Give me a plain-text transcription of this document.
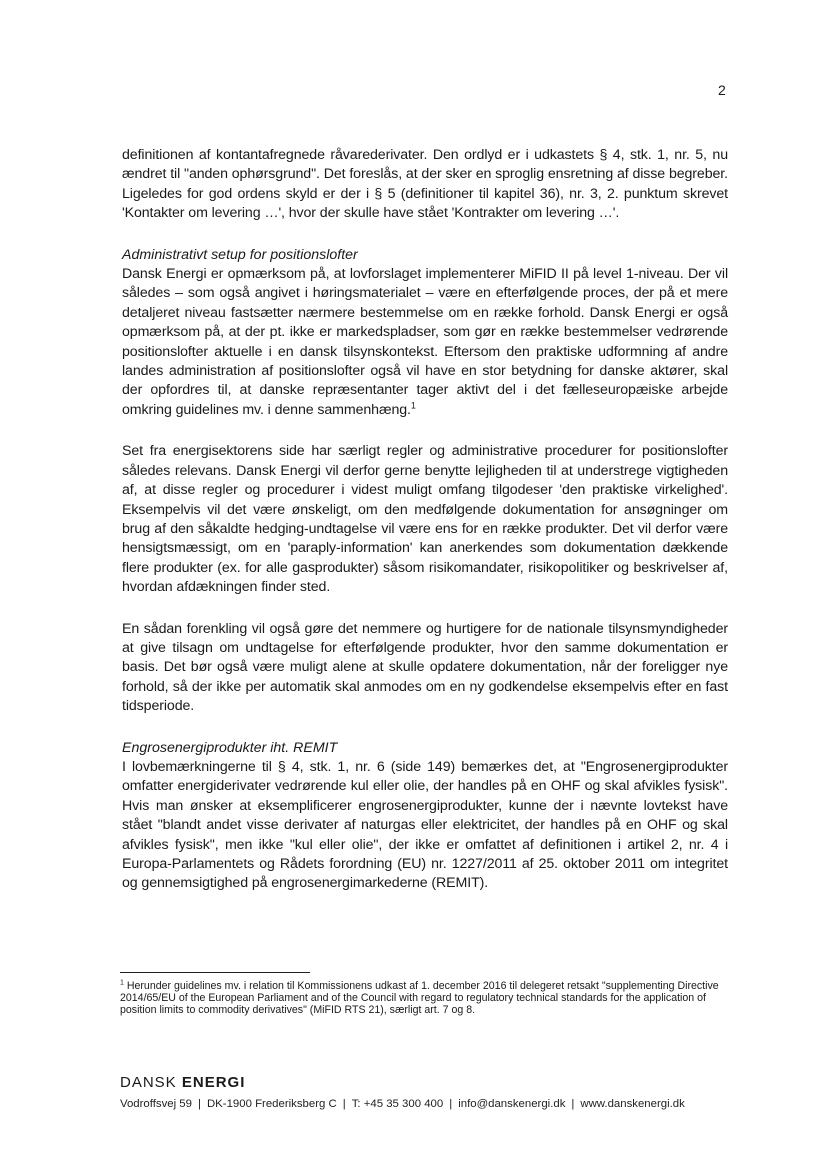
2

definitionen af kontantafregnede råvarederivater. Den ordlyd er i udkastets § 4, stk. 1, nr. 5, nu ændret til "anden ophørsgrund". Det foreslås, at der sker en sproglig ensretning af disse begreber. Ligeledes for god ordens skyld er der i § 5 (definitioner til kapitel 36), nr. 3, 2. punktum skrevet 'Kontakter om levering …', hvor der skulle have stået 'Kontrakter om levering …'.

Administrativt setup for positionslofter

Dansk Energi er opmærksom på, at lovforslaget implementerer MiFID II på level 1-niveau. Der vil således – som også angivet i høringsmaterialet – være en efterfølgende proces, der på et mere detaljeret niveau fastsætter nærmere bestemmelse om en række forhold. Dansk Energi er også opmærksom på, at der pt. ikke er markedspladser, som gør en række bestemmelser vedrørende positionslofter aktuelle i en dansk tilsynskontekst. Eftersom den praktiske udformning af andre landes administration af positionslofter også vil have en stor betydning for danske aktører, skal der opfordres til, at danske repræsentanter tager aktivt del i det fælleseuropæiske arbejde omkring guidelines mv. i denne sammenhæng.$^1$

Set fra energisektorens side har særligt regler og administrative procedurer for positionslofter således relevans. Dansk Energi vil derfor gerne benytte lejligheden til at understrege vigtigheden af, at disse regler og procedurer i videst muligt omfang tilgodeser 'den praktiske virkelighed'. Eksempelvis vil det være ønskeligt, om den medfølgende dokumentation for ansøgninger om brug af den såkaldte hedging-undtagelse vil være ens for en række produkter. Det vil derfor være hensigtsmæssigt, om en 'paraply-information' kan anerkendes som dokumentation dækkende flere produkter (ex. for alle gasprodukter) såsom risikomandater, risikopolitiker og beskrivelser af, hvordan afdækningen finder sted.

En sådan forenkling vil også gøre det nemmere og hurtigere for de nationale tilsynsmyndigheder at give tilsagn om undtagelse for efterfølgende produkter, hvor den samme dokumentation er basis. Det bør også være muligt alene at skulle opdatere dokumentation, når der foreligger nye forhold, så der ikke per automatik skal anmodes om en ny godkendelse eksempelvis efter en fast tidsperiode.

Engrosenergiprodukter iht. REMIT

I lovbemærkningerne til § 4, stk. 1, nr. 6 (side 149) bemærkes det, at "Engrosenergiprodukter omfatter energiderivater vedrørende kul eller olie, der handles på en OHF og skal afvikles fysisk". Hvis man ønsker at eksemplificerer engrosenergiprodukter, kunne der i nævnte lovtekst have stået "blandt andet visse derivater af naturgas eller elektricitet, der handles på en OHF og skal afvikles fysisk", men ikke "kul eller olie", der ikke er omfattet af definitionen i artikel 2, nr. 4 i Europa-Parlamentets og Rådets forordning (EU) nr. 1227/2011 af 25. oktober 2011 om integritet og gennemsigtighed på engrosenergimarkederne (REMIT).

$^1$ Herunder guidelines mv. i relation til Kommissionens udkast af 1. december 2016 til delegeret retsakt "supplementing Directive 2014/65/EU of the European Parliament and of the Council with regard to regulatory technical standards for the application of position limits to commodity derivatives" (MiFID RTS 21), særligt art. 7 og 8.

DANSK ENERGI
Vodroffsvej 59 | DK-1900 Frederiksberg C | T: +45 35 300 400 | info@danskenergi.dk | www.danskenergi.dk
